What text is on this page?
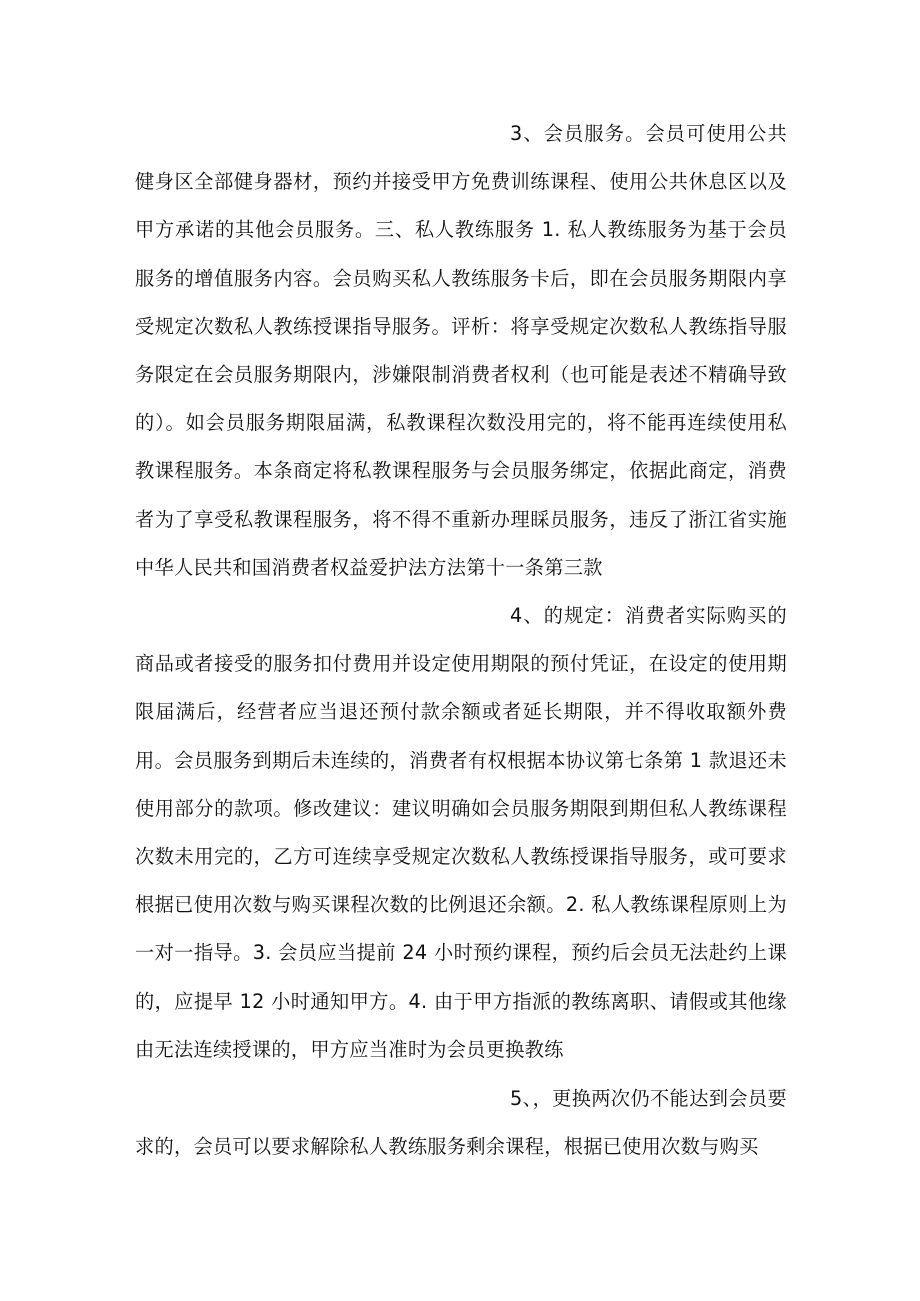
3、会员服务。会员可使用公共健身区全部健身器材，预约并接受甲方免费训练课程、使用公共休息区以及甲方承诺的其他会员服务。三、私人教练服务 1. 私人教练服务为基于会员服务的增值服务内容。会员购买私人教练服务卡后，即在会员服务期限内享受规定次数私人教练授课指导服务。评析：将享受规定次数私人教练指导服务限定在会员服务期限内，涉嫌限制消费者权利（也可能是表述不精确导致的）。如会员服务期限届满，私教课程次数没用完的，将不能再连续使用私教课程服务。本条商定将私教课程服务与会员服务绑定，依据此商定，消费者为了享受私教课程服务，将不得不重新办理睬员服务，违反了浙江省实施中华人民共和国消费者权益爱护法方法第十一条第三款

4、的规定：消费者实际购买的商品或者接受的服务扣付费用并设定使用期限的预付凭证，在设定的使用期限届满后，经营者应当退还预付款余额或者延长期限，并不得收取额外费用。会员服务到期后未连续的，消费者有权根据本协议第七条第 1 款退还未使用部分的款项。修改建议：建议明确如会员服务期限到期但私人教练课程次数未用完的，乙方可连续享受规定次数私人教练授课指导服务，或可要求根据已使用次数与购买课程次数的比例退还余额。2. 私人教练课程原则上为一对一指导。3. 会员应当提前 24 小时预约课程，预约后会员无法赴约上课的，应提早 12 小时通知甲方。4. 由于甲方指派的教练离职、请假或其他缘由无法连续授课的，甲方应当准时为会员更换教练

5、，更换两次仍不能达到会员要求的，会员可以要求解除私人教练服务剩余课程，根据已使用次数与购买
